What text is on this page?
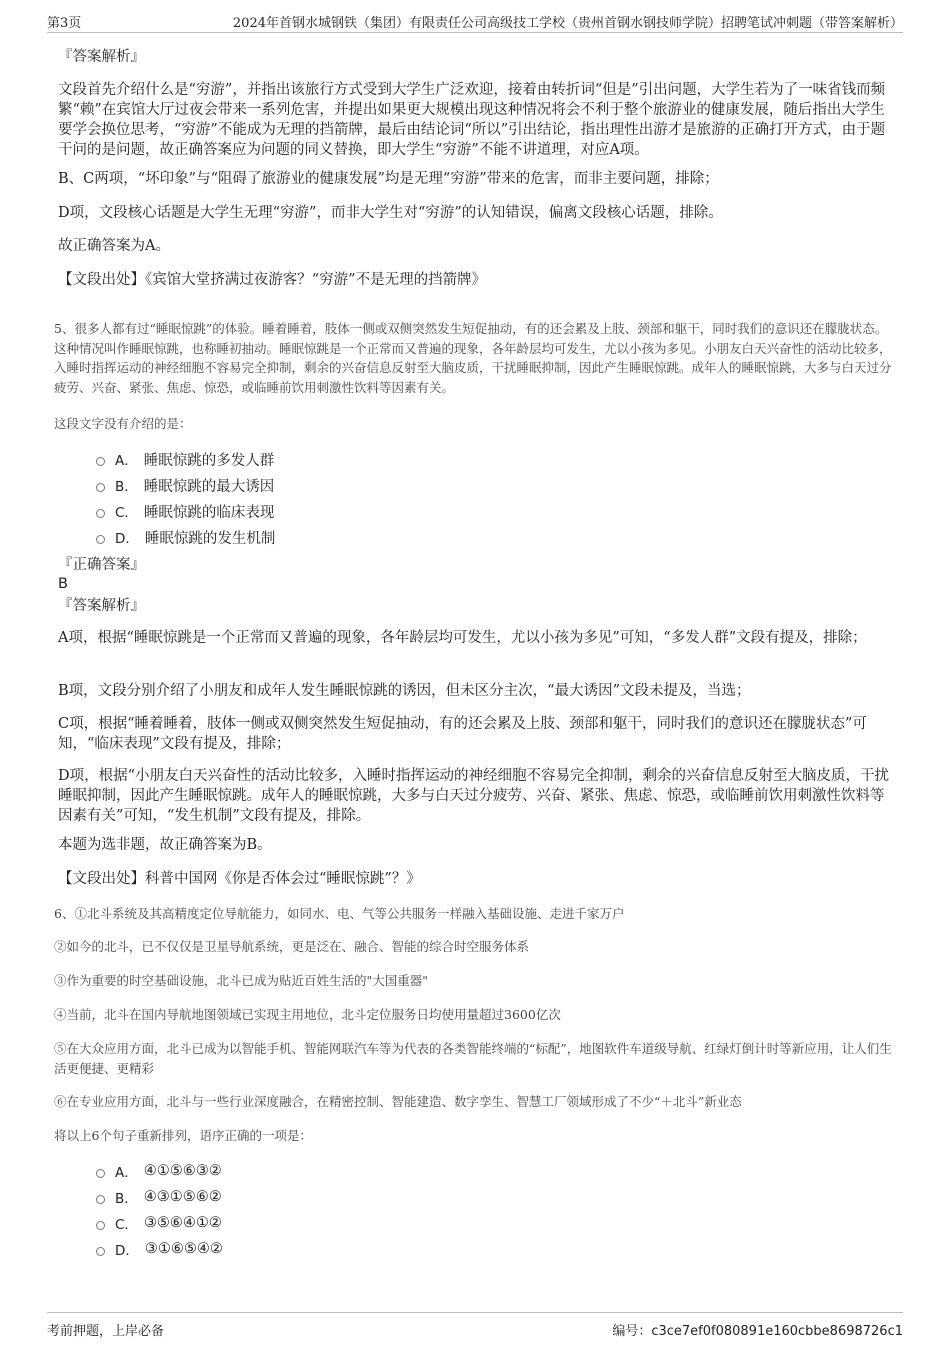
第3页	2024年首钢水城钢铁（集团）有限责任公司高级技工学校（贵州首钢水钢技师学院）招聘笔试冲刺题（带答案解析）
『答案解析』
文段首先介绍什么是“穷游”，并指出该旅行方式受到大学生广泛欢迎，接着由转折词“但是”引出问题，大学生若为了一味省钱而频繁“赖”在宾馆大厅过夜会带来一系列危害，并提出如果更大规模出现这种情况将会不利于整个旅游业的健康发展，随后指出大学生要学会换位思考，“穷游”不能成为无理的挡箭牌，最后由结论词“所以”引出结论，指出理性出游才是旅游的正确打开方式，由于题干问的是问题，故正确答案应为问题的同义替换，即大学生“穷游”不能不讲道理，对应A项。
B、C两项，“坏印象”与“阻碍了旅游业的健康发展”均是无理“穷游”带来的危害，而非主要问题，排除；
D项，文段核心话题是大学生无理“穷游”，而非大学生对“穷游”的认知错误，偏离文段核心话题，排除。
故正确答案为A。
【文段出处】《宾馆大堂挤满过夜游客？“穷游”不是无理的挡箭牌》
5、很多人都有过“睡眠惊跳”的体验。睡着睡着，肢体一侧或双侧突然发生短促抽动，有的还会累及上肢、颈部和躯干，同时我们的意识还在朦胧状态。这种情况叫作睡眠惊跳，也称睡初抽动。睡眠惊跳是一个正常而又普遍的现象，各年龄层均可发生，尤以小孩为多见。小朋友白天兴奋性的活动比较多，入睡时指挥运动的神经细胞不容易完全抑制，剩余的兴奋信息反射至大脑皮质，干扰睡眠抑制，因此产生睡眠惊跳。成年人的睡眠惊跳，大多与白天过分疲劳、兴奋、紧张、焦虑、惊恐，或临睡前饮用刺激性饮料等因素有关。
这段文字没有介绍的是：
A． 睡眠惊跳的多发人群
B． 睡眠惊跳的最大诱因
C． 睡眠惊跳的临床表现
D． 睡眠惊跳的发生机制
『正确答案』
B
『答案解析』
A项，根据“睡眠惊跳是一个正常而又普遍的现象，各年龄层均可发生，尤以小孩为多见”可知，“多发人群”文段有提及，排除；
B项，文段分别介绍了小朋友和成年人发生睡眠惊跳的诱因，但未区分主次，“最大诱因”文段未提及，当选；
C项，根据“睡着睡着，肢体一侧或双侧突然发生短促抽动，有的还会累及上肢、颈部和躯干，同时我们的意识还在朦胧状态”可知，“临床表现”文段有提及，排除；
D项，根据“小朋友白天兴奋性的活动比较多，入睡时指挥运动的神经细胞不容易完全抑制，剩余的兴奋信息反射至大脑皮质，干扰睡眠抑制，因此产生睡眠惊跳。成年人的睡眠惊跳，大多与白天过分疲劳、兴奋、紧张、焦虑、惊恐，或临睡前饮用刺激性饮料等因素有关”可知，“发生机制”文段有提及，排除。
本题为选非题，故正确答案为B。
【文段出处】科普中国网《你是否体会过“睡眠惊跳”？》
6、①北斗系统及其高精度定位导航能力，如同水、电、气等公共服务一样融入基础设施、走进千家万户
②如今的北斗，已不仅仅是卫星导航系统，更是泛在、融合、智能的综合时空服务体系
③作为重要的时空基础设施，北斗已成为贴近百姓生活的"大国重器"
④当前，北斗在国内导航地图领域已实现主用地位，北斗定位服务日均使用量超过3600亿次
⑤在大众应用方面，北斗已成为以智能手机、智能网联汽车等为代表的各类智能终端的“标配”，地图软件车道级导航、红绿灯倒计时等新应用，让人们生活更便捷、更精彩
⑥在专业应用方面，北斗与一些行业深度融合，在精密控制、智能建造、数字孪生、智慧工厂领域形成了不少“＋北斗”新业态
将以上6个句子重新排列，语序正确的一项是：
A． ④①⑤⑥③②
B． ④③①⑤⑥②
C． ③⑤⑥④①②
D． ③①⑥⑤④②
考前押题，上岸必备	编号：c3ce7ef0f080891e160cbbe8698726c1
